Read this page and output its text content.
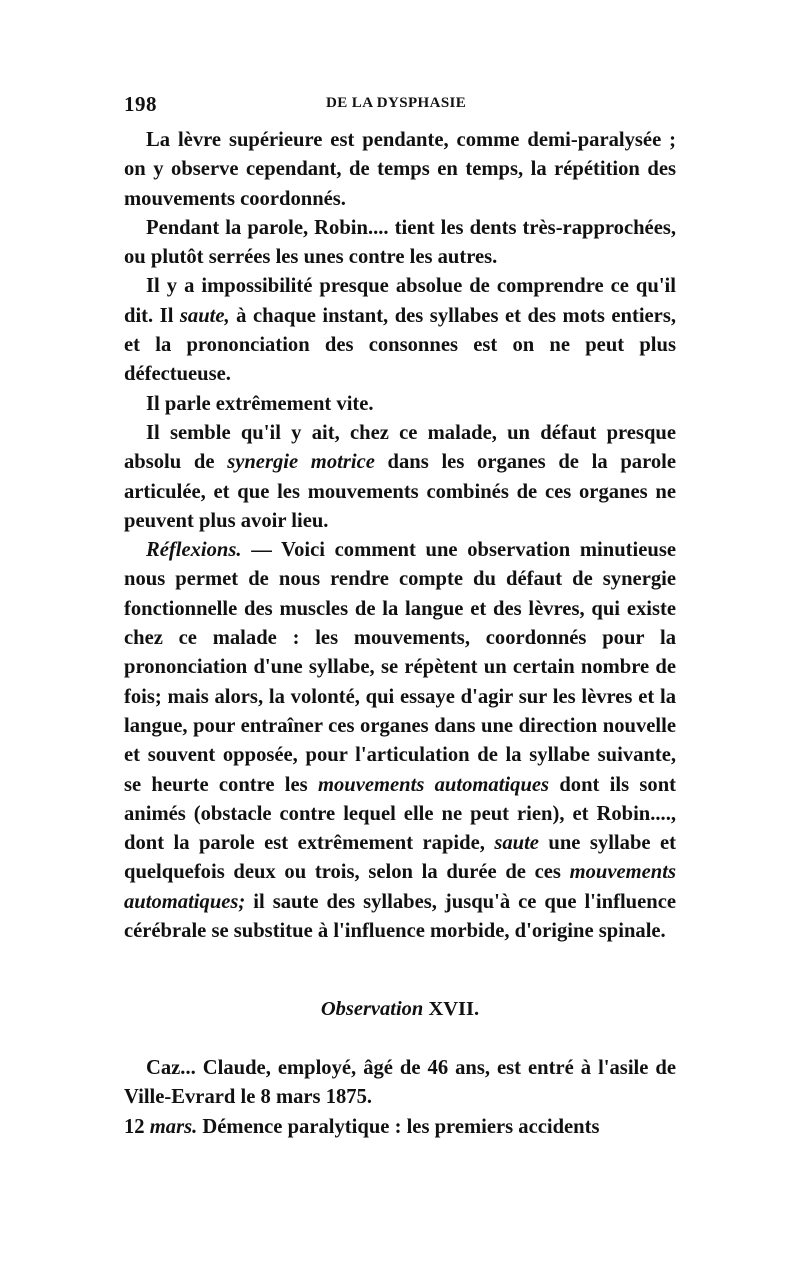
198	DE LA DYSPHASIE

La lèvre supérieure est pendante, comme demi-paralysée ; on y observe cependant, de temps en temps, la répétition des mouvements coordonnés.

Pendant la parole, Robin.... tient les dents très-rapprochées, ou plutôt serrées les unes contre les autres.

Il y a impossibilité presque absolue de comprendre ce qu'il dit. Il saute, à chaque instant, des syllabes et des mots entiers, et la prononciation des consonnes est on ne peut plus défectueuse.

Il parle extrêmement vite.

Il semble qu'il y ait, chez ce malade, un défaut presque absolu de synergie motrice dans les organes de la parole articulée, et que les mouvements combinés de ces organes ne peuvent plus avoir lieu.

Réflexions. — Voici comment une observation minutieuse nous permet de nous rendre compte du défaut de synergie fonctionnelle des muscles de la langue et des lèvres, qui existe chez ce malade : les mouvements, coordonnés pour la prononciation d'une syllabe, se répètent un certain nombre de fois; mais alors, la volonté, qui essaye d'agir sur les lèvres et la langue, pour entraîner ces organes dans une direction nouvelle et souvent opposée, pour l'articulation de la syllabe suivante, se heurte contre les mouvements automatiques dont ils sont animés (obstacle contre lequel elle ne peut rien), et Robin...., dont la parole est extrêmement rapide, saute une syllabe et quelquefois deux ou trois, selon la durée de ces mouvements automatiques; il saute des syllabes, jusqu'à ce que l'influence cérébrale se substitue à l'influence morbide, d'origine spinale.

Observation XVII.

Caz... Claude, employé, âgé de 46 ans, est entré à l'asile de Ville-Evrard le 8 mars 1875.

12 mars. Démence paralytique : les premiers accidents
